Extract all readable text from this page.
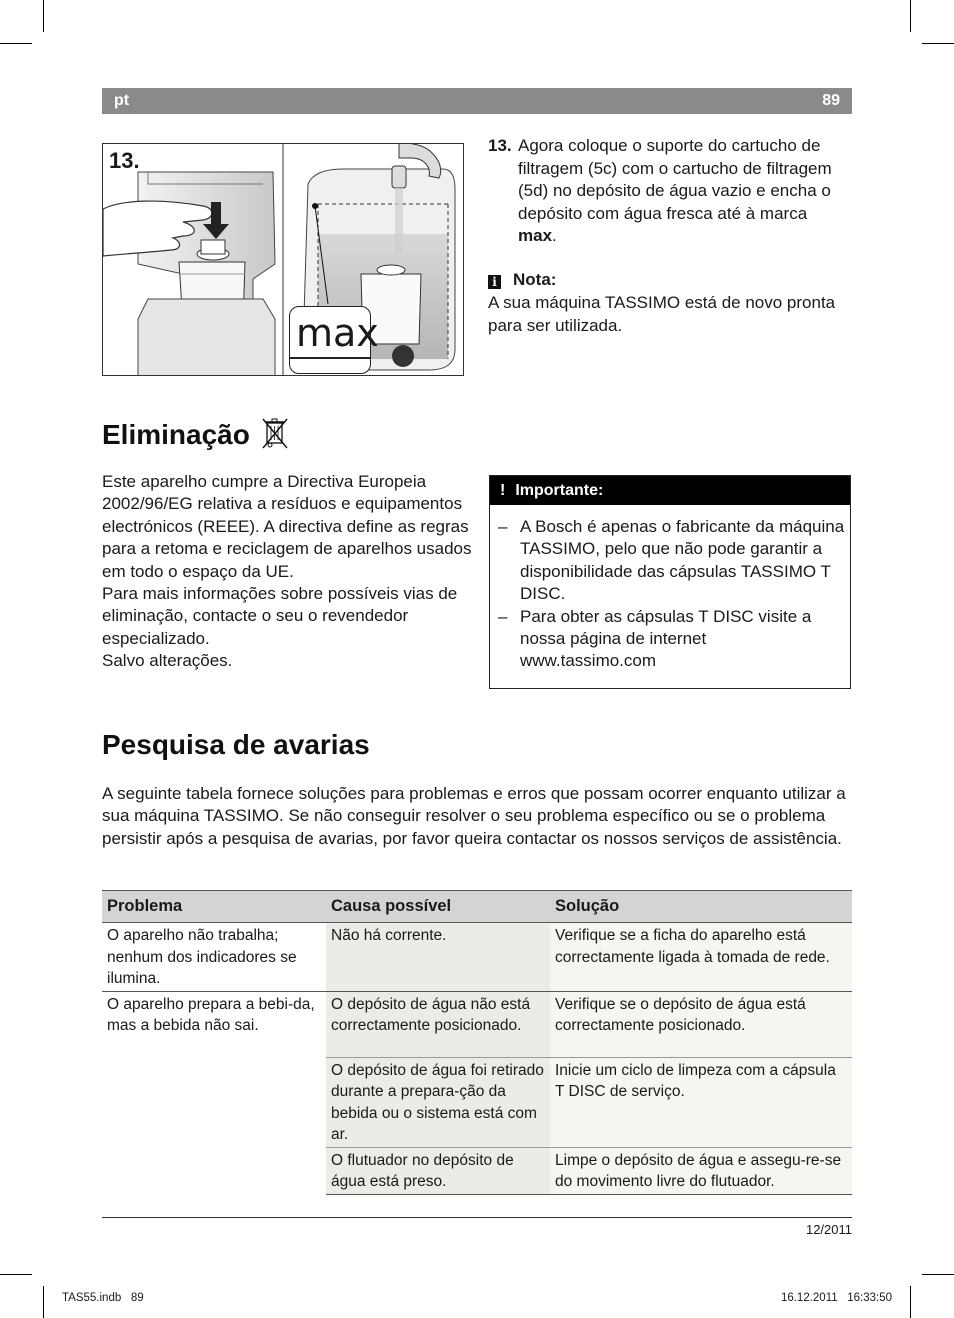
pt	89
13.
max
13. Agora coloque o suporte do cartucho de filtragem (5c) com o cartucho de filtragem (5d) no depósito de água vazio e encha o depósito com água fresca até à marca max.
i Nota:
A sua máquina TASSIMO está de novo pronta para ser utilizada.
Eliminação
Este aparelho cumpre a Directiva Europeia 2002/96/EG relativa a resíduos e equipamentos electrónicos (REEE). A directiva define as regras para a retoma e reciclagem de aparelhos usados em todo o espaço da UE.
Para mais informações sobre possíveis vias de eliminação, contacte o seu o revendedor especializado.
Salvo alterações.
! Importante:
– A Bosch é apenas o fabricante da máquina TASSIMO, pelo que não pode garantir a disponibilidade das cápsulas TASSIMO T DISC.
– Para obter as cápsulas T DISC visite a nossa página de internet www.tassimo.com
Pesquisa de avarias
A seguinte tabela fornece soluções para problemas e erros que possam ocorrer enquanto utilizar a sua máquina TASSIMO. Se não conseguir resolver o seu problema específico ou se o problema persistir após a pesquisa de avarias, por favor queira contactar os nossos serviços de assistência.
Problema	Causa possível	Solução
O aparelho não trabalha; nenhum dos indicadores se ilumina.	Não há corrente.	Verifique se a ficha do aparelho está correctamente ligada à tomada de rede.
O aparelho prepara a bebi-da, mas a bebida não sai.	O depósito de água não está correctamente posicionado.	Verifique se o depósito de água está correctamente posicionado.
	O depósito de água foi retirado durante a prepara-ção da bebida ou o sistema está com ar.	Inicie um ciclo de limpeza com a cápsula T DISC de serviço.
	O flutuador no depósito de água está preso.	Limpe o depósito de água e assegu-re-se do movimento livre do flutuador.
12/2011
TAS55.indb   89	16.12.2011   16:33:50
